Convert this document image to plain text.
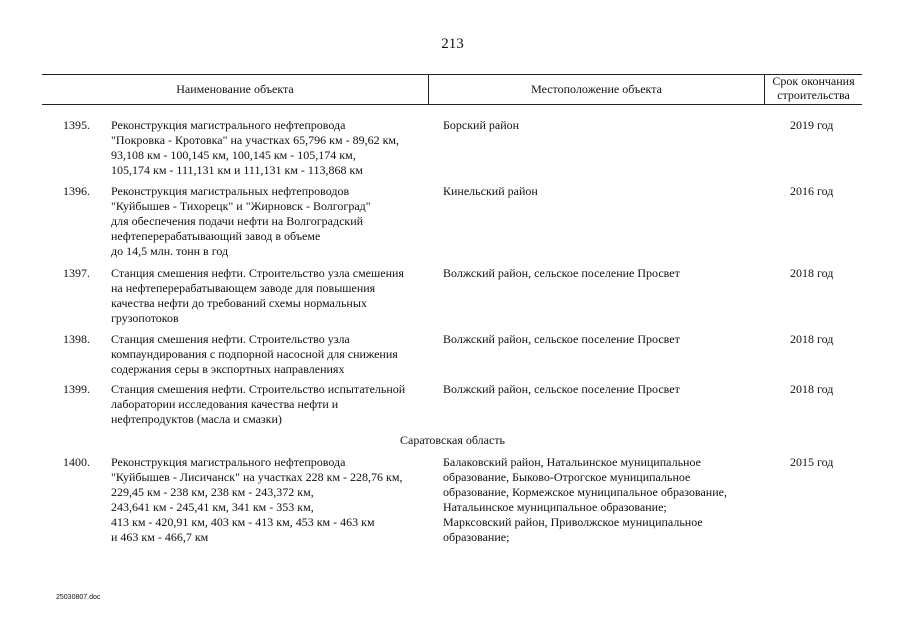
213
Наименование объекта	Местоположение объекта
Срок окончания строительства
1395. Реконструкция магистрального нефтепровода
"Покровка - Кротовка" на участках 65,796 км - 89,62 км,
93,108 км - 100,145 км, 100,145 км - 105,174 км,
105,174 км - 111,131 км и 111,131 км - 113,868 км
Борский район	2019 год
1396. Реконструкция магистральных нефтепроводов
"Куйбышев - Тихорецк" и "Жирновск - Волгоград"
для обеспечения подачи нефти на Волгоградский
нефтеперерабатывающий завод в объеме
до 14,5 млн. тонн в год
Кинельский район	2016 год
1397. Станция смешения нефти. Строительство узла смешения
на нефтеперерабатывающем заводе для повышения
качества нефти до требований схемы нормальных
грузопотоков
Волжский район, сельское поселение Просвет	2018 год
1398. Станция смешения нефти. Строительство узла
компаундирования с подпорной насосной для снижения
содержания серы в экспортных направлениях
Волжский район, сельское поселение Просвет	2018 год
1399. Станция смешения нефти. Строительство испытательной
лаборатории исследования качества нефти и
нефтепродуктов (масла и смазки)
Волжский район, сельское поселение Просвет	2018 год
Саратовская область
1400. Реконструкция магистрального нефтепровода
"Куйбышев - Лисичанск" на участках 228 км - 228,76 км,
229,45 км - 238 км, 238 км - 243,372 км,
243,641 км - 245,41 км, 341 км - 353 км,
413 км - 420,91 км, 403 км - 413 км, 453 км - 463 км
и 463 км - 466,7 км
Балаковский район, Натальинское муниципальное
образование, Быково-Отрогское муниципальное
образование, Кормежское муниципальное образование,
Натальинское муниципальное образование;
Марксовский район, Приволжское муниципальное
образование;
2015 год
25030807.doc
